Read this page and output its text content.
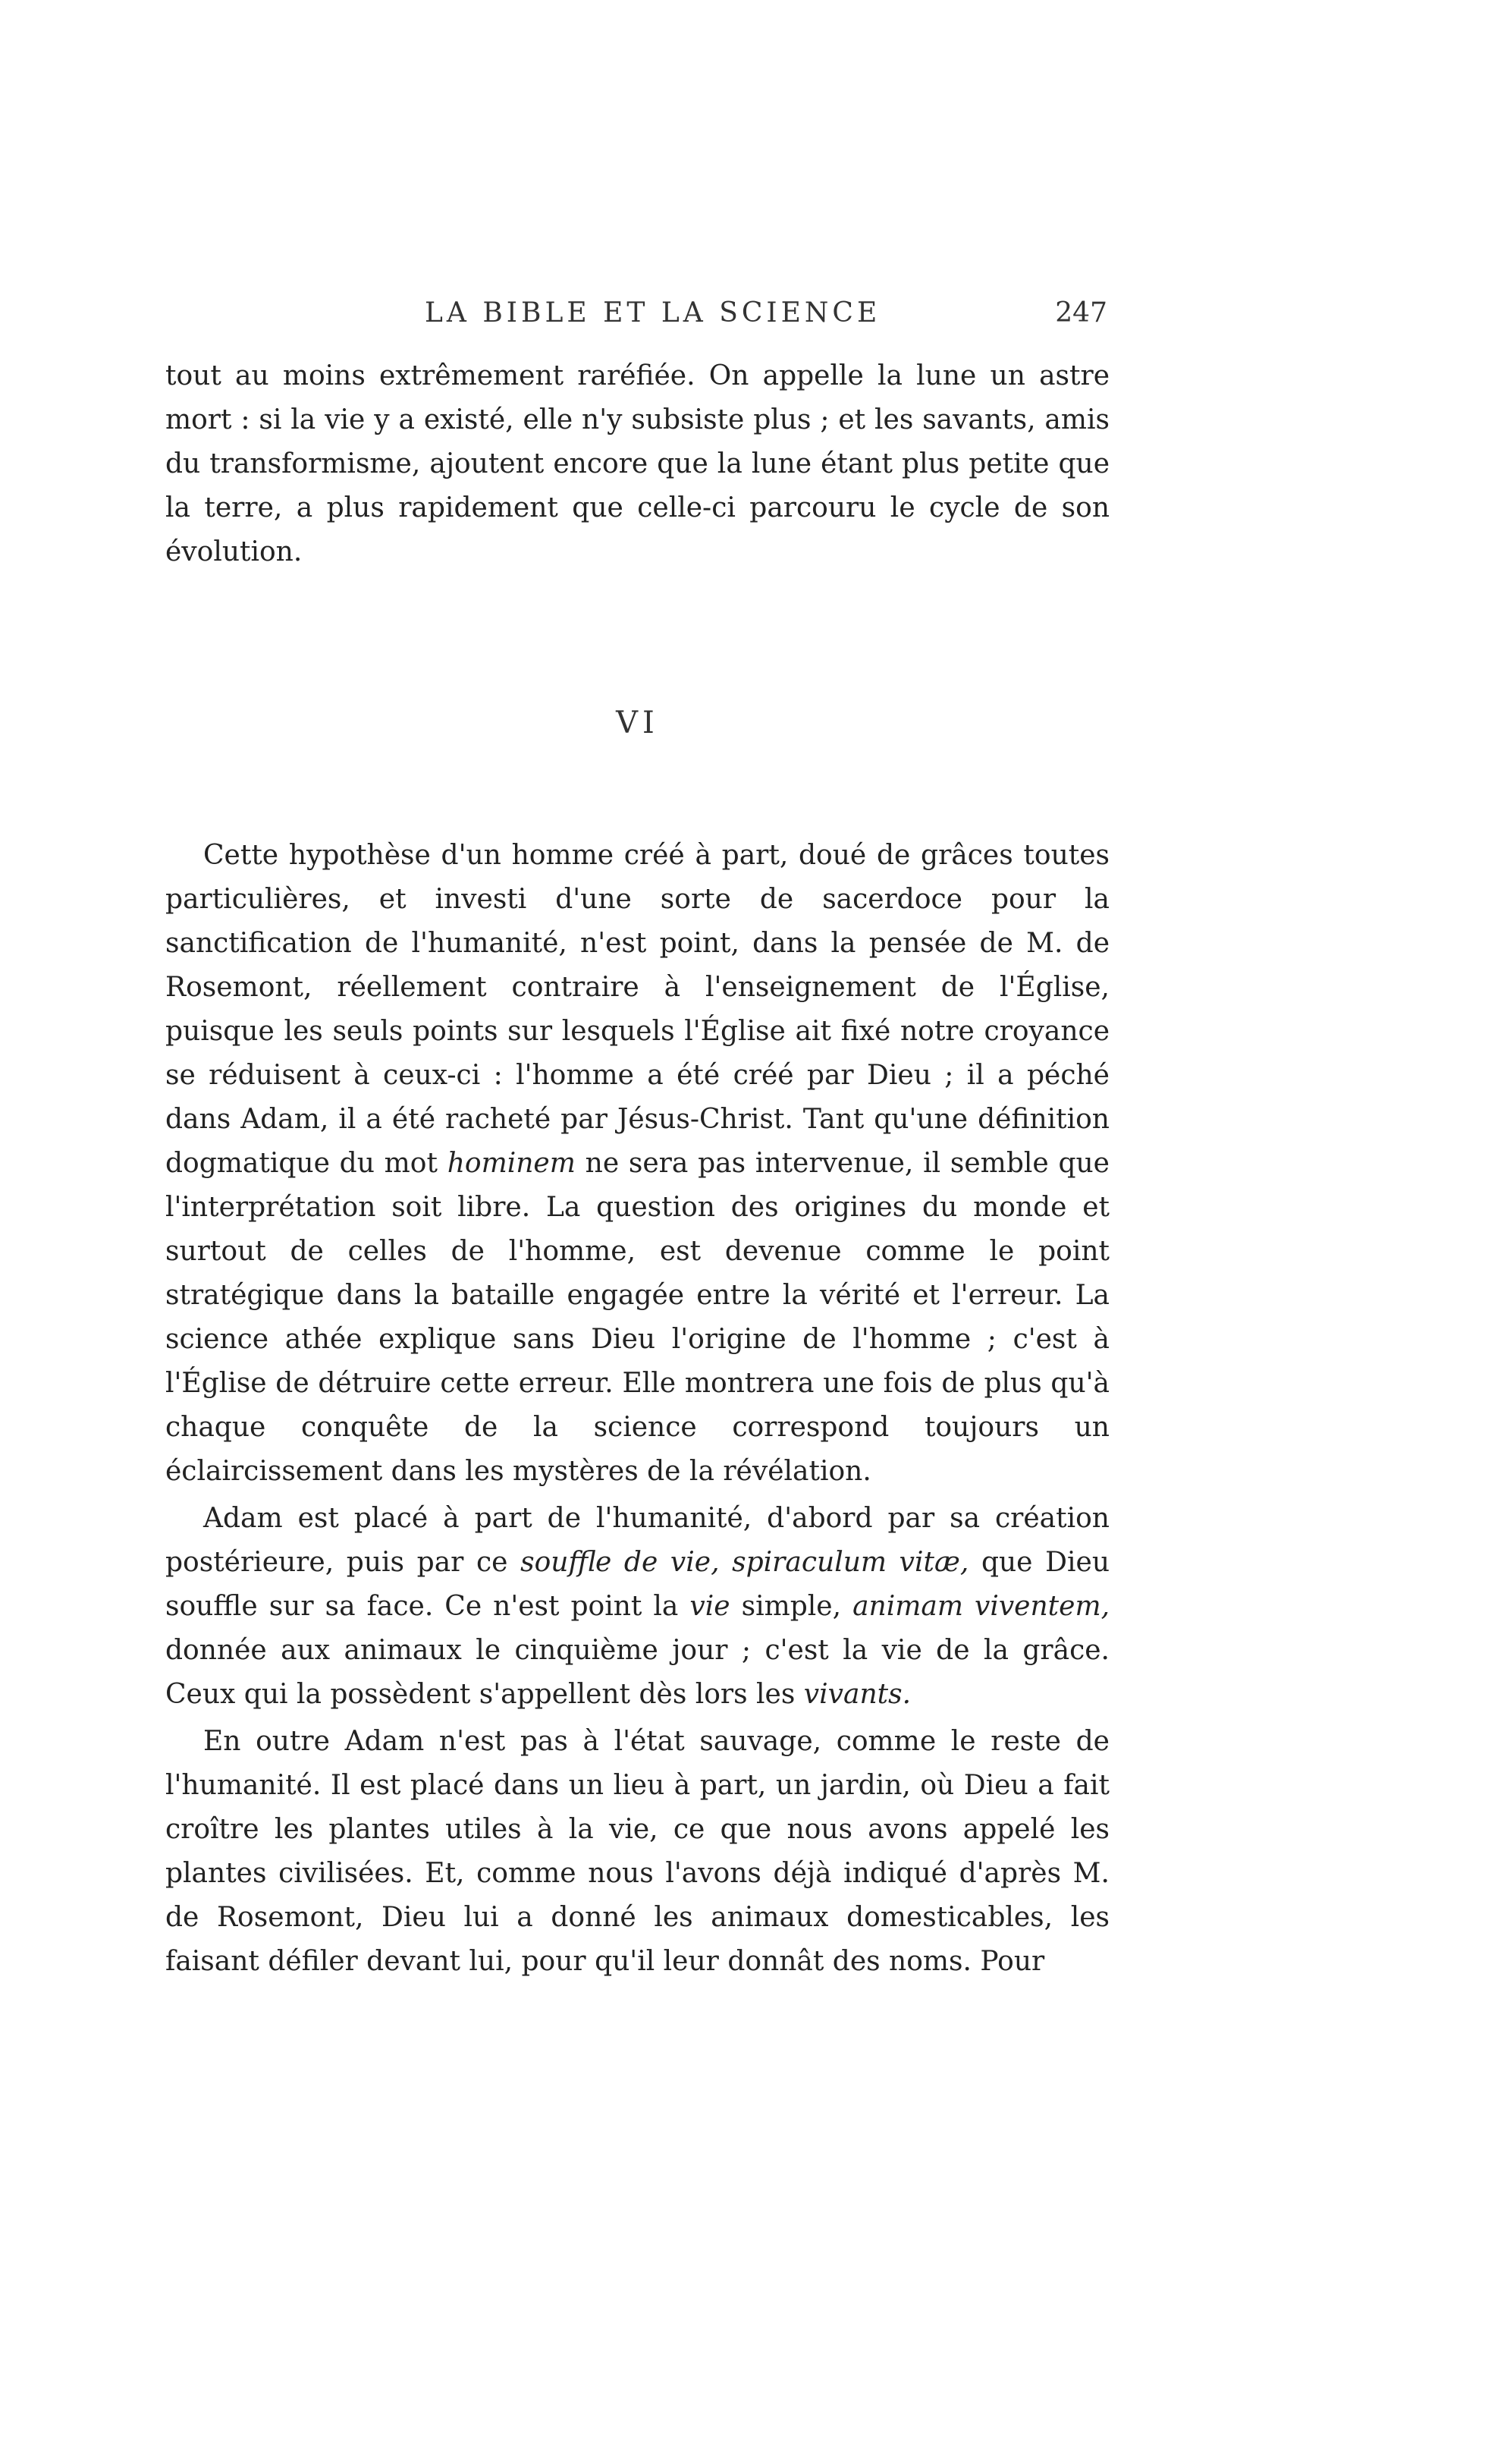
LA BIBLE ET LA SCIENCE	247

tout au moins extrêmement raréfiée. On appelle la lune un astre mort : si la vie y a existé, elle n'y subsiste plus ; et les savants, amis du transformisme, ajoutent encore que la lune étant plus petite que la terre, a plus rapidement que celle-ci parcouru le cycle de son évolution.

VI

Cette hypothèse d'un homme créé à part, doué de grâces toutes particulières, et investi d'une sorte de sacerdoce pour la sanctification de l'humanité, n'est point, dans la pensée de M. de Rosemont, réellement contraire à l'enseignement de l'Église, puisque les seuls points sur lesquels l'Église ait fixé notre croyance se réduisent à ceux-ci : l'homme a été créé par Dieu ; il a péché dans Adam, il a été racheté par Jésus-Christ. Tant qu'une définition dogmatique du mot hominem ne sera pas intervenue, il semble que l'interprétation soit libre. La question des origines du monde et surtout de celles de l'homme, est devenue comme le point stratégique dans la bataille engagée entre la vérité et l'erreur. La science athée explique sans Dieu l'origine de l'homme ; c'est à l'Église de détruire cette erreur. Elle montrera une fois de plus qu'à chaque conquête de la science correspond toujours un éclaircissement dans les mystères de la révélation.

Adam est placé à part de l'humanité, d'abord par sa création postérieure, puis par ce souffle de vie, spiraculum vitæ, que Dieu souffle sur sa face. Ce n'est point la vie simple, animam viventem, donnée aux animaux le cinquième jour ; c'est la vie de la grâce. Ceux qui la possèdent s'appellent dès lors les vivants.

En outre Adam n'est pas à l'état sauvage, comme le reste de l'humanité. Il est placé dans un lieu à part, un jardin, où Dieu a fait croître les plantes utiles à la vie, ce que nous avons appelé les plantes civilisées. Et, comme nous l'avons déjà indiqué d'après M. de Rosemont, Dieu lui a donné les animaux domesticables, les faisant défiler devant lui, pour qu'il leur donnât des noms. Pour
